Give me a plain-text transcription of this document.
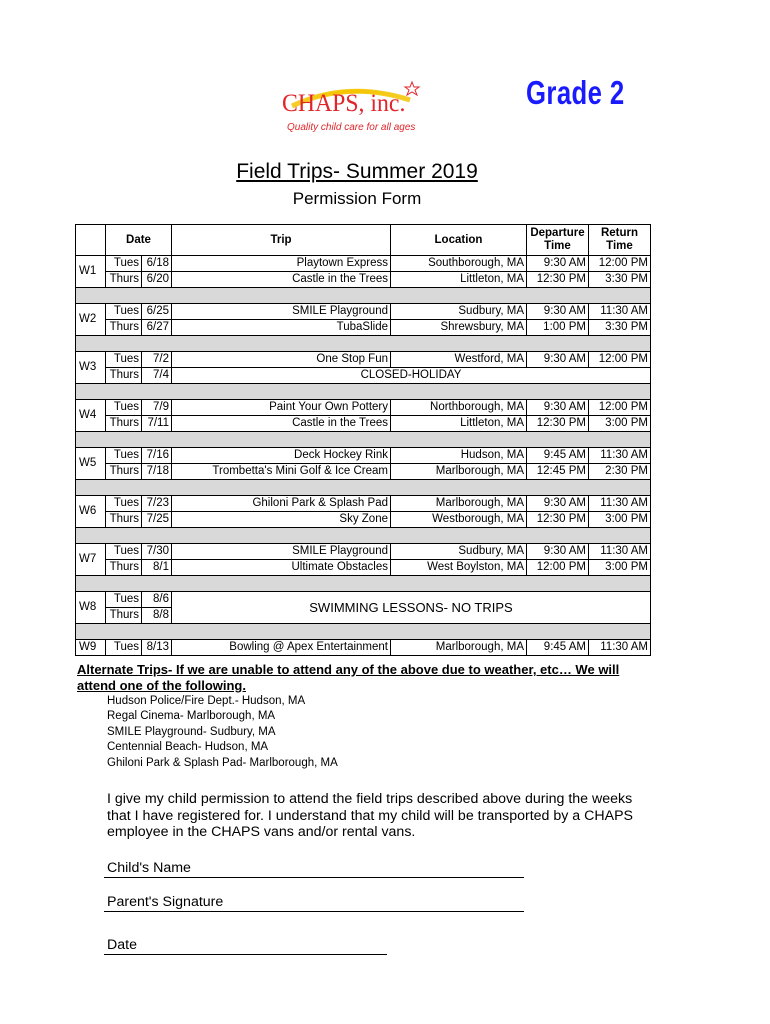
CHAPS, inc.
Quality child care for all ages
Grade 2
Field Trips- Summer 2019
Permission Form
	Date		Trip	Location	Departure Time	Return Time
W1	Tues	6/18	Playtown Express	Southborough, MA	9:30 AM	12:00 PM
	Thurs	6/20	Castle in the Trees	Littleton, MA	12:30 PM	3:30 PM

W2	Tues	6/25	SMILE Playground	Sudbury, MA	9:30 AM	11:30 AM
	Thurs	6/27	TubaSlide	Shrewsbury, MA	1:00 PM	3:30 PM

W3	Tues	7/2	One Stop Fun	Westford, MA	9:30 AM	12:00 PM
	Thurs	7/4	CLOSED-HOLIDAY			

W4	Tues	7/9	Paint Your Own Pottery	Northborough, MA	9:30 AM	12:00 PM
	Thurs	7/11	Castle in the Trees	Littleton, MA	12:30 PM	3:00 PM

W5	Tues	7/16	Deck Hockey Rink	Hudson, MA	9:45 AM	11:30 AM
	Thurs	7/18	Trombetta's Mini Golf & Ice Cream	Marlborough, MA	12:45 PM	2:30 PM

W6	Tues	7/23	Ghiloni Park & Splash Pad	Marlborough, MA	9:30 AM	11:30 AM
	Thurs	7/25	Sky Zone	Westborough, MA	12:30 PM	3:00 PM

W7	Tues	7/30	SMILE Playground	Sudbury, MA	9:30 AM	11:30 AM
	Thurs	8/1	Ultimate Obstacles	West Boylston, MA	12:00 PM	3:00 PM

W8	Tues	8/6	SWIMMING LESSONS- NO TRIPS			
	Thurs	8/8				

W9	Tues	8/13	Bowling @ Apex Entertainment	Marlborough, MA	9:45 AM	11:30 AM
Alternate Trips- If we are unable to attend any of the above due to weather, etc… We will attend one of the following.
Hudson Police/Fire Dept.- Hudson, MA
Regal Cinema- Marlborough, MA
SMILE Playground- Sudbury, MA
Centennial Beach- Hudson, MA
Ghiloni Park & Splash Pad- Marlborough, MA
I give my child permission to attend the field trips described above during the weeks that I have registered for. I understand that my child will be transported by a CHAPS employee in the CHAPS vans and/or rental vans.
Child's Name
Parent's Signature
Date
